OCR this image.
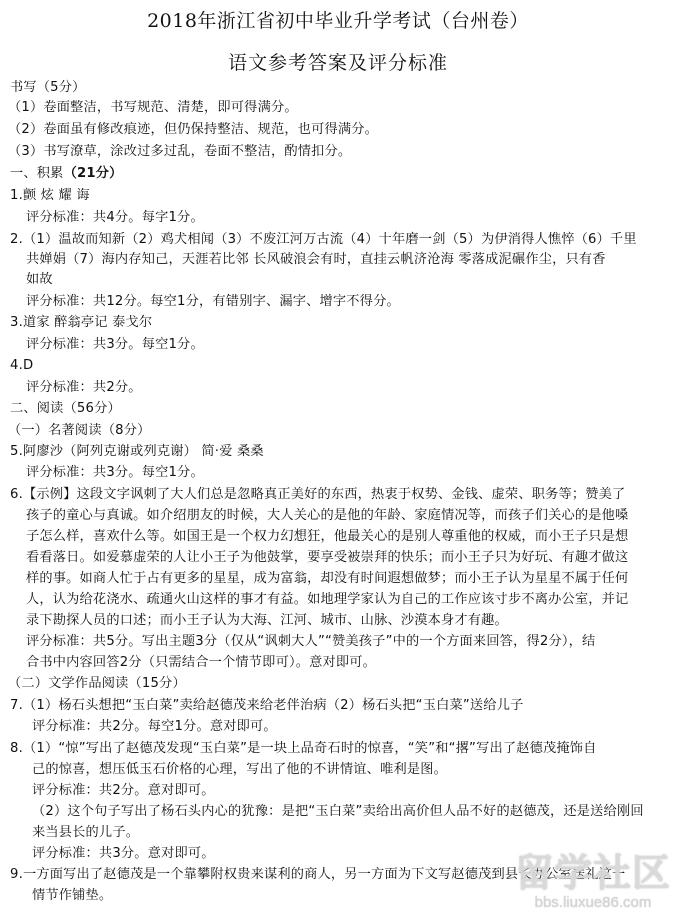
2018年浙江省初中毕业升学考试（台州卷）
语文参考答案及评分标准
书写（5分）
（1）卷面整洁，书写规范、清楚，即可得满分。
（2）卷面虽有修改痕迹，但仍保持整洁、规范，也可得满分。
（3）书写潦草，涂改过多过乱，卷面不整洁，酌情扣分。
一、积累（21分）
1.颤 炫 耀 诲
评分标准：共4分。每字1分。
2.（1）温故而知新（2）鸡犬相闻（3）不废江河万古流（4）十年磨一剑（5）为伊消得人憔悴（6）千里
共婵娟（7）海内存知己，天涯若比邻 长风破浪会有时，直挂云帆济沧海 零落成泥碾作尘，只有香
如故
评分标准：共12分。每空1分，有错别字、漏字、增字不得分。
3.道家 醉翁亭记 泰戈尔
评分标准：共3分。每空1分。
4.D
评分标准：共2分。
二、阅读（56分）
（一）名著阅读（8分）
5.阿廖沙（阿列克谢或列克谢） 简·爱 桑桑
评分标准：共3分。每空1分。
6.【示例】这段文字讽刺了大人们总是忽略真正美好的东西，热衷于权势、金钱、虚荣、职务等；赞美了
孩子的童心与真诚。如介绍朋友的时候，大人关心的是他的年龄、家庭情况等，而孩子们关心的是他嗓
子怎么样，喜欢什么等。如国王是一个权力幻想狂，他最关心的是别人尊重他的权威，而小王子只是想
看看落日。如爱慕虚荣的人让小王子为他鼓掌，要享受被崇拜的快乐；而小王子只为好玩、有趣才做这
样的事。如商人忙于占有更多的星星，成为富翁，却没有时间遐想做梦；而小王子认为星星不属于任何
人，认为给花浇水、疏通火山这样的事才有益。如地理学家认为自己的工作应该寸步不离办公室，并记
录下勘探人员的口述；而小王子认为大海、江河、城市、山脉、沙漠本身才有趣。
评分标准：共5分。写出主题3分（仅从“讽刺大人”“赞美孩子”中的一个方面来回答，得2分），结
合书中内容回答2分（只需结合一个情节即可）。意对即可。
（二）文学作品阅读（15分）
7.（1）杨石头想把“玉白菜”卖给赵德茂来给老伴治病（2）杨石头把“玉白菜”送给儿子
评分标准：共2分。每空1分。意对即可。
8.（1）“惊”写出了赵德茂发现“玉白菜”是一块上品奇石时的惊喜，“笑”和“撂”写出了赵德茂掩饰自
己的惊喜，想压低玉石价格的心理，写出了他的不讲情谊、唯利是图。
评分标准：共2分。意对即可。
（2）这个句子写出了杨石头内心的犹豫：是把“玉白菜”卖给出高价但人品不好的赵德茂，还是送给刚回
来当县长的儿子。
评分标准：共3分。意对即可。
9.一方面写出了赵德茂是一个靠攀附权贵来谋利的商人，另一方面为下文写赵德茂到县长办公室送礼这一
情节作铺垫。
留学社区
bbs.liuxue86.com
